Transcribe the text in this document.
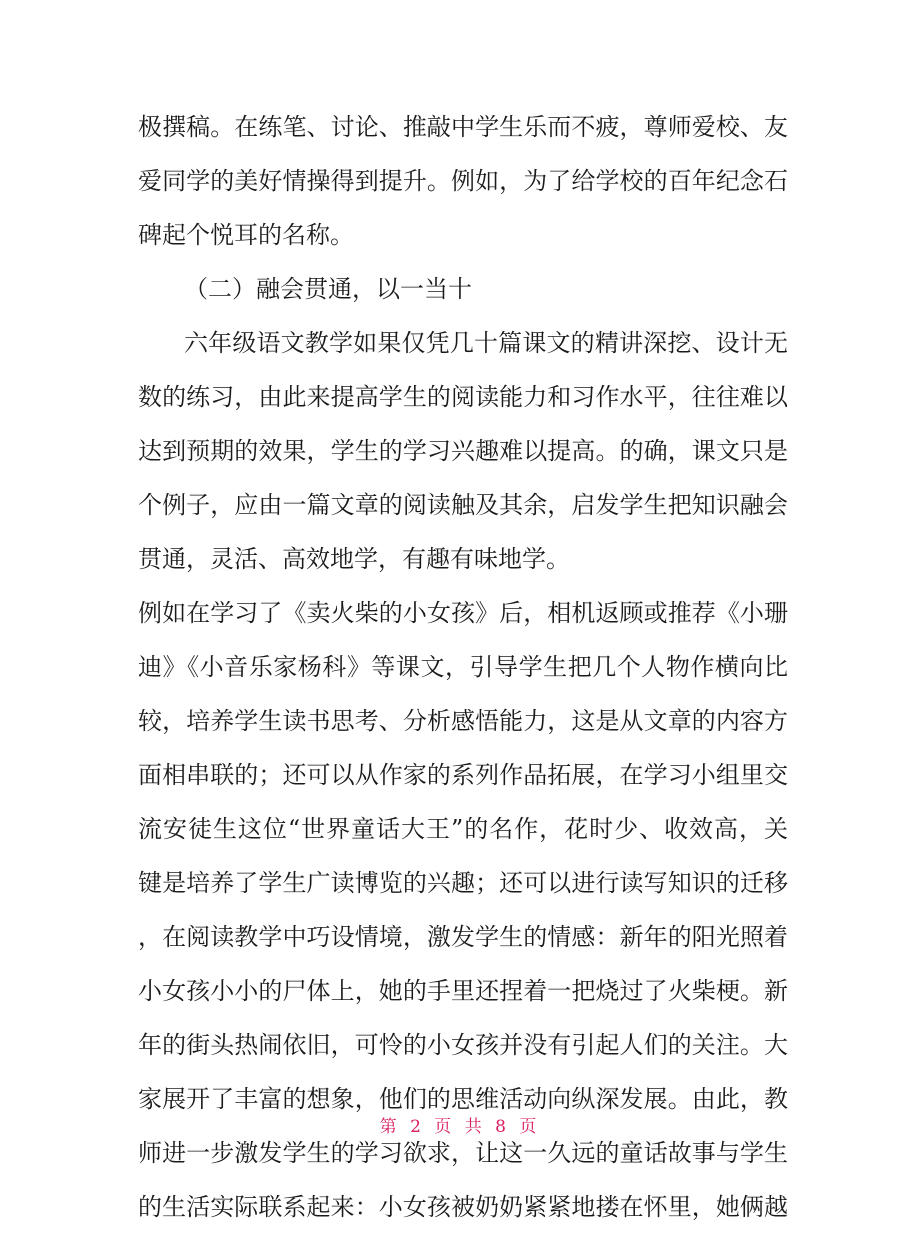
极撰稿。在练笔、讨论、推敲中学生乐而不疲，尊师爱校、友
爱同学的美好情操得到提升。例如，为了给学校的百年纪念石
碑起个悦耳的名称。
（二）融会贯通，以一当十
六年级语文教学如果仅凭几十篇课文的精讲深挖、设计无
数的练习，由此来提高学生的阅读能力和习作水平，往往难以
达到预期的效果，学生的学习兴趣难以提高。的确，课文只是
个例子，应由一篇文章的阅读触及其余，启发学生把知识融会
贯通，灵活、高效地学，有趣有味地学。
例如在学习了《卖火柴的小女孩》后，相机返顾或推荐《小珊
迪》《小音乐家杨科》等课文，引导学生把几个人物作横向比
较，培养学生读书思考、分析感悟能力，这是从文章的内容方
面相串联的；还可以从作家的系列作品拓展，在学习小组里交
流安徒生这位“世界童话大王”的名作，花时少、收效高，关
键是培养了学生广读博览的兴趣；还可以进行读写知识的迁移
，在阅读教学中巧设情境，激发学生的情感：新年的阳光照着
小女孩小小的尸体上，她的手里还捏着一把烧过了火柴梗。新
年的街头热闹依旧，可怜的小女孩并没有引起人们的关注。大
家展开了丰富的想象，他们的思维活动向纵深发展。由此，教
师进一步激发学生的学习欲求，让这一久远的童话故事与学生
的生活实际联系起来：小女孩被奶奶紧紧地搂在怀里，她俩越
第 2 页 共 8 页
